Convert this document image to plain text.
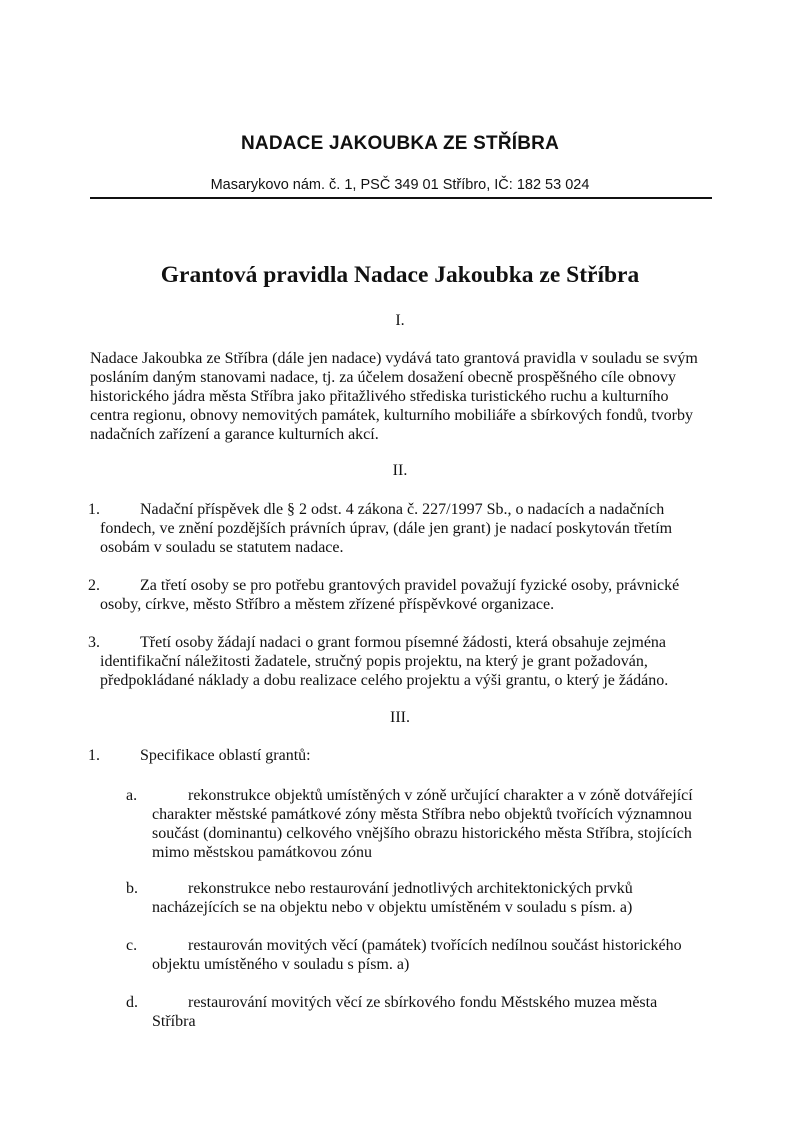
NADACE JAKOUBKA ZE STŘÍBRA
Masarykovo nám. č. 1, PSČ 349 01 Stříbro, IČ: 182 53 024
Grantová pravidla Nadace Jakoubka ze Stříbra
I.
Nadace Jakoubka ze Stříbra (dále jen nadace) vydává tato grantová pravidla v souladu se svým posláním daným stanovami nadace, tj. za účelem dosažení obecně prospěšného cíle obnovy historického jádra města Stříbra jako přitažlivého střediska turistického ruchu a kulturního centra regionu, obnovy nemovitých památek, kulturního mobiliáře a sbírkových fondů, tvorby nadačních zařízení a garance kulturních akcí.
II.
1.	Nadační příspěvek dle § 2 odst. 4 zákona č. 227/1997 Sb., o nadacích a nadačních fondech, ve znění pozdějších právních úprav, (dále jen grant) je nadací poskytován třetím osobám v souladu se statutem nadace.
2.	Za třetí osoby se pro potřebu grantových pravidel považují fyzické osoby, právnické osoby, církve, město Stříbro a městem zřízené příspěvkové organizace.
3.	Třetí osoby žádají nadaci o grant formou písemné žádosti, která obsahuje zejména identifikační náležitosti žadatele, stručný popis projektu, na který je grant požadován, předpokládané náklady a dobu realizace celého projektu a výši grantu, o který je žádáno.
III.
1.	Specifikace oblastí grantů:
a.	rekonstrukce objektů umístěných v zóně určující charakter a v zóně dotvářející charakter městské památkové zóny města Stříbra nebo objektů tvořících významnou součást (dominantu) celkového vnějšího obrazu historického města Stříbra, stojících mimo městskou památkovou zónu
b.	rekonstrukce nebo restaurování jednotlivých architektonických prvků nacházejících se na objektu nebo v objektu umístěném v souladu s písm. a)
c.	restaurován movitých věcí (památek) tvořících nedílnou součást historického objektu umístěného v souladu s písm. a)
d.	restaurování movitých věcí ze sbírkového fondu Městského muzea města Stříbra
